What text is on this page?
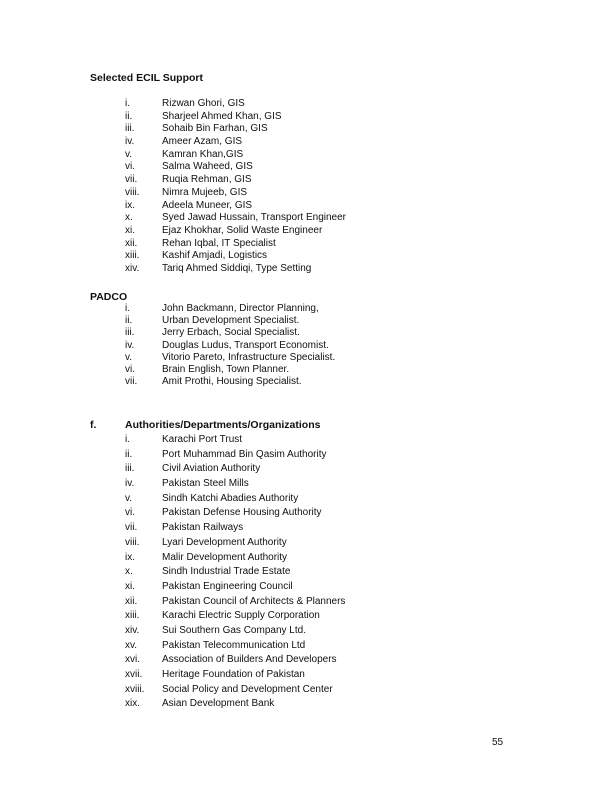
Selected ECIL Support
i.	Rizwan Ghori, GIS
ii.	Sharjeel Ahmed Khan, GIS
iii.	Sohaib Bin Farhan, GIS
iv.	Ameer Azam, GIS
v.	Kamran Khan,GIS
vi.	Salma Waheed, GIS
vii.	Ruqia Rehman, GIS
viii.	Nimra Mujeeb, GIS
ix.	Adeela Muneer, GIS
x.	Syed Jawad Hussain, Transport Engineer
xi.	Ejaz Khokhar, Solid Waste Engineer
xii.	Rehan Iqbal, IT Specialist
xiii.	Kashif Amjadi, Logistics
xiv.	Tariq Ahmed Siddiqi, Type Setting
PADCO
i.	John Backmann, Director Planning,
ii.	Urban Development Specialist.
iii.	Jerry Erbach, Social Specialist.
iv.	Douglas Ludus, Transport Economist.
v.	Vitorio Pareto, Infrastructure Specialist.
vi.	Brain English, Town Planner.
vii.	Amit Prothi, Housing Specialist.
f.	Authorities/Departments/Organizations
i.	Karachi Port Trust
ii.	Port Muhammad Bin Qasim Authority
iii.	Civil Aviation Authority
iv.	Pakistan Steel Mills
v.	Sindh Katchi Abadies Authority
vi.	Pakistan Defense Housing Authority
vii.	Pakistan Railways
viii.	Lyari Development Authority
ix.	Malir Development Authority
x.	Sindh Industrial Trade Estate
xi.	Pakistan Engineering Council
xii.	Pakistan Council of Architects & Planners
xiii.	Karachi Electric Supply Corporation
xiv.	Sui Southern Gas Company Ltd.
xv.	Pakistan Telecommunication Ltd
xvi.	Association of Builders And Developers
xvii.	Heritage Foundation of Pakistan
xviii.	Social Policy and Development Center
xix.	Asian Development Bank
55
